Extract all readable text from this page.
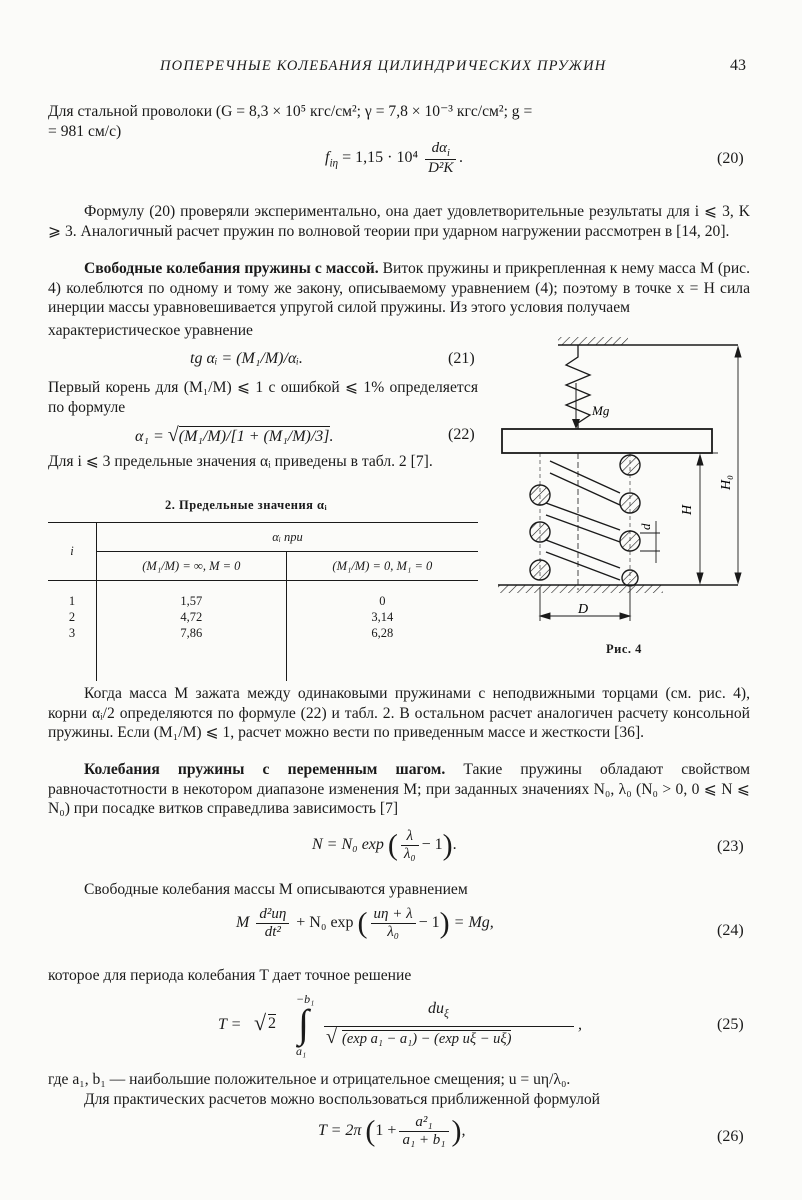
ПОПЕРЕЧНЫЕ КОЛЕБАНИЯ ЦИЛИНДРИЧЕСКИХ ПРУЖИН	43
Для стальной проволоки (G = 8,3 × 10⁵ кгс/см²; γ = 7,8 × 10⁻³ кгс/см²; g =
= 981 см/с)
$f_{i\eta} = 1,15 \cdot 10^4 \frac{d\alpha_i}{\text{D²K}}$ .	(20)
Формулу (20) проверяли экспериментально, она дает удовлетворительные результаты для i ⩽ 3, K ⩾ 3. Аналогичный расчет пружин по волновой теории при ударном нагружении рассмотрен в [14, 20].
Свободные колебания пружины с массой. Виток пружины и прикрепленная к нему масса M (рис. 4) колеблются по одному и тому же закону, описываемому уравнением (4); поэтому в точке x = H сила инерции массы уравновешивается упругой силой пружины. Из этого условия получаем
характеристическое уравнение
tg αᵢ = (M₁/M)/αᵢ.	(21)
Первый корень для (M₁/M) ⩽ 1 с ошибкой ⩽ 1% определяется по формуле
α₁ = √(M₁/M)/[1 + (M₁/M)/3].	(22)
Для i ⩽ 3 предельные значения αᵢ приведены в табл. 2 [7].
2. Предельные значения αᵢ
i	αᵢ при	
	(M₁/M) = ∞, M = 0	(M₁/M) = 0, M₁ = 0
1	1,57	0
2	4,72	3,14
3	7,86	6,28
Mg
H
H₀
d
D
Рис. 4
Когда масса M зажата между одинаковыми пружинами с неподвижными торцами (см. рис. 4), корни αᵢ/2 определяются по формуле (22) и табл. 2. В остальном расчет аналогичен расчету консольной пружины. Если (M₁/M) ⩽ 1, расчет можно вести по приведенным массе и жесткости [36].
Колебания пружины с переменным шагом. Такие пружины обладают свойством равночастотности в некотором диапазоне изменения M; при заданных значениях N₀, λ₀ (N₀ > 0, 0 ⩽ N ⩽ N₀) при посадке витков справедлива зависимость [7]
N = N₀ exp ( $\frac{\lambda}{\text{λ₀}} - 1$).	(23)
Свободные колебания массы M описываются уравнением
M $\frac{\text{d²uη}}{\text{dt²}} + N_0$ exp ( $\frac{u\eta + \lambda}{\text{λ₀}} - 1) = Mg$,	(24)
которое для периода колебания T дает точное решение
T = √ 2
−b₁
∫
a₁
$du_\xi$
√ (exp a₁ − a₁) − (exp uξ − uξ)
,	(25)
где a₁, b₁ — наибольшие положительное и отрицательное смещения; u = uη/λ₀.
Для практических расчетов можно воспользоваться приближенной формулой
T = 2π ($1 + \frac{\text{a²₁}}{\text{a₁ + b₁}}$ ),	(26)
